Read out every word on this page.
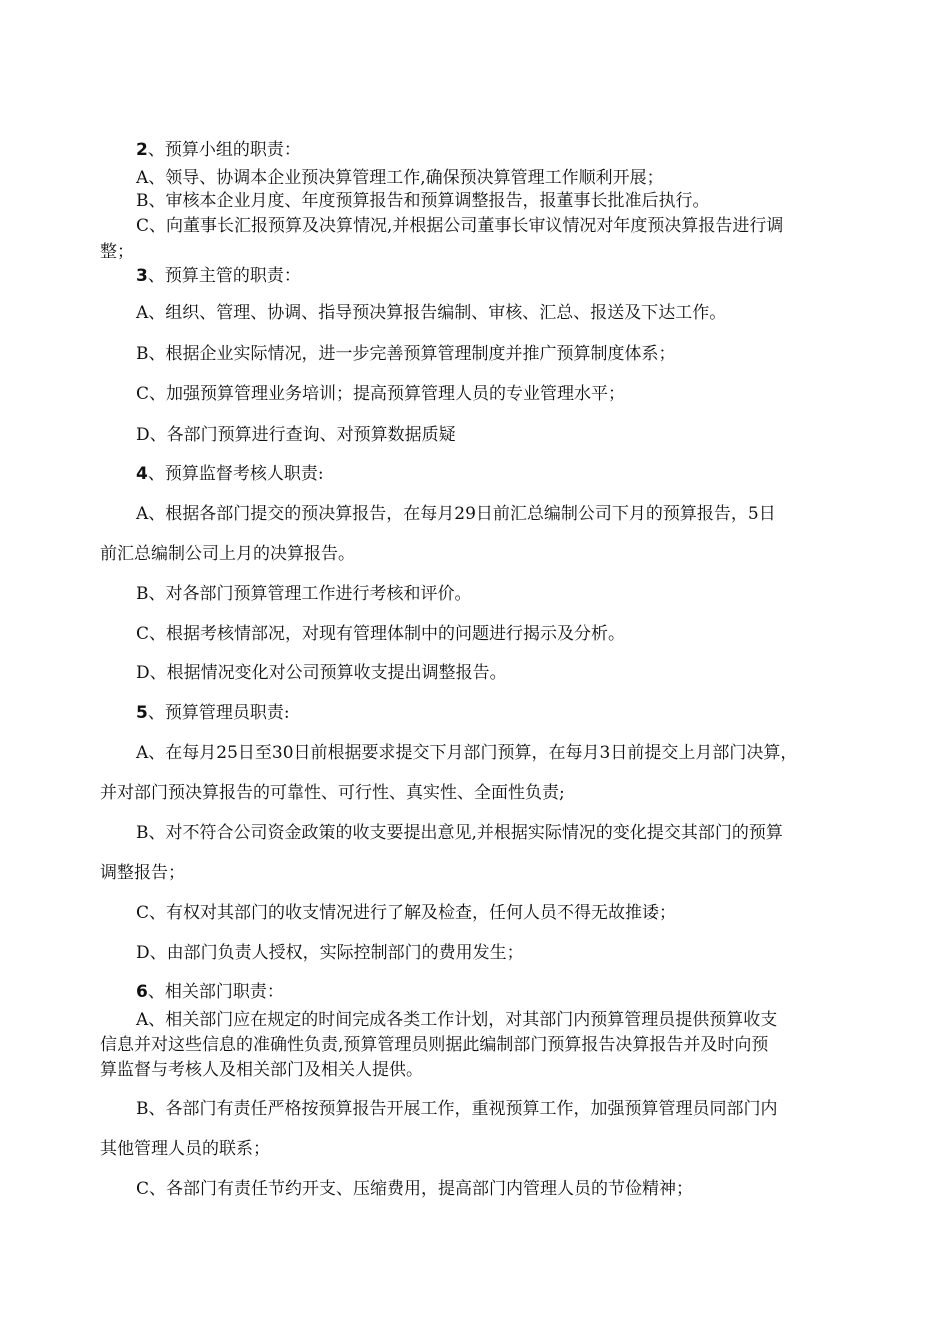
2、预算小组的职责：
A、领导、协调本企业预决算管理工作,确保预决算管理工作顺利开展；
B、审核本企业月度、年度预算报告和预算调整报告，报董事长批准后执行。
C、向董事长汇报预算及决算情况,并根据公司董事长审议情况对年度预决算报告进行调
整；
3、预算主管的职责：
A、组织、管理、协调、指导预决算报告编制、审核、汇总、报送及下达工作。
B、根据企业实际情况，进一步完善预算管理制度并推广预算制度体系；
C、加强预算管理业务培训；提高预算管理人员的专业管理水平；
D、各部门预算进行查询、对预算数据质疑
4、预算监督考核人职责:
A、根据各部门提交的预决算报告，在每月29日前汇总编制公司下月的预算报告，5日
前汇总编制公司上月的决算报告。
B、对各部门预算管理工作进行考核和评价。
C、根据考核情部况，对现有管理体制中的问题进行揭示及分析。
D、根据情况变化对公司预算收支提出调整报告。
5、预算管理员职责:
A、在每月25日至30日前根据要求提交下月部门预算，在每月3日前提交上月部门决算，
并对部门预决算报告的可靠性、可行性、真实性、全面性负责;
B、对不符合公司资金政策的收支要提出意见,并根据实际情况的变化提交其部门的预算
调整报告；
C、有权对其部门的收支情况进行了解及检查，任何人员不得无故推诿；
D、由部门负责人授权，实际控制部门的费用发生；
6、相关部门职责：
A、相关部门应在规定的时间完成各类工作计划，对其部门内预算管理员提供预算收支
信息并对这些信息的准确性负责,预算管理员则据此编制部门预算报告决算报告并及时向预
算监督与考核人及相关部门及相关人提供。
B、各部门有责任严格按预算报告开展工作，重视预算工作，加强预算管理员同部门内
其他管理人员的联系；
C、各部门有责任节约开支、压缩费用，提高部门内管理人员的节俭精神；
